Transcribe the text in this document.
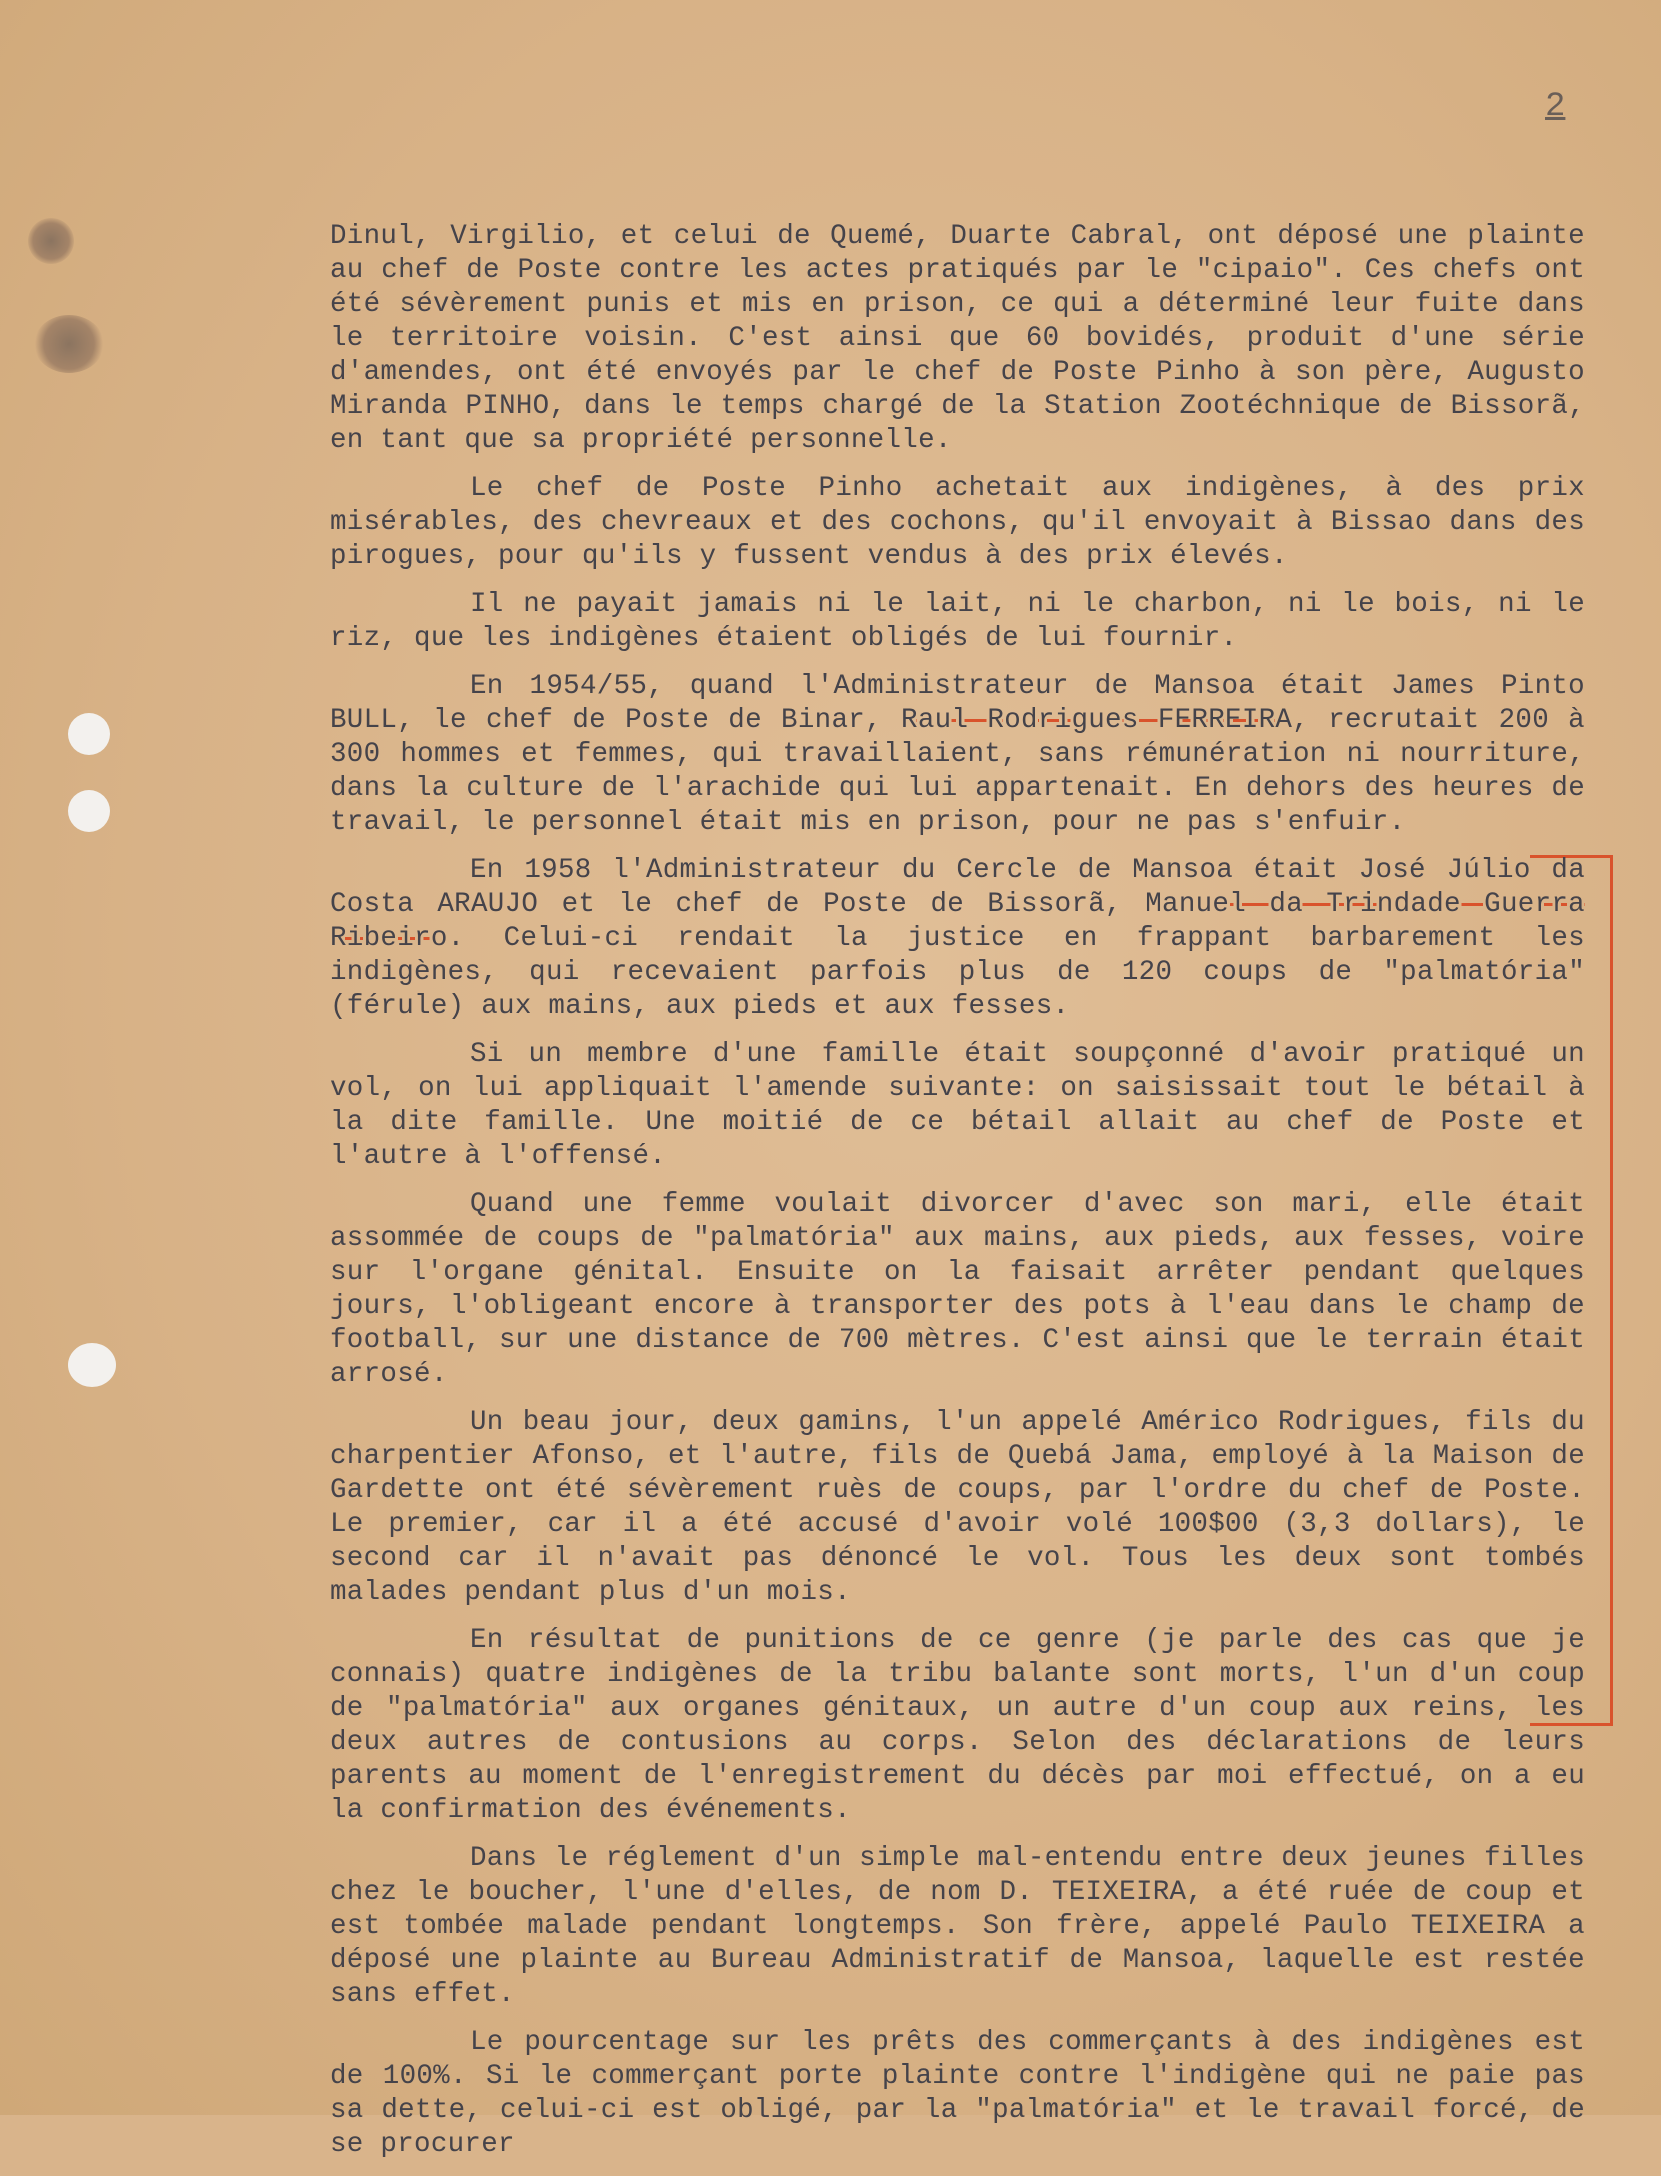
2

Dinul, Virgilio, et celui de Quemé, Duarte Cabral, ont déposé une plainte au chef de Poste contre les actes pratiqués par le "cipaio". Ces chefs ont été sévèrement punis et mis en prison, ce qui a déterminé leur fuite dans le territoire voisin. C'est ainsi que 60 bovidés, produit d'une série d'amendes, ont été envoyés par le chef de Poste Pinho à son père, Augusto Miranda PINHO, dans le temps chargé de la Station Zootéchnique de Bissorã, en tant que sa propriété personnelle.

Le chef de Poste Pinho achetait aux indigènes, à des prix misérables, des chevreaux et des cochons, qu'il envoyait à Bissao dans des pirogues, pour qu'ils y fussent vendus à des prix élevés.

Il ne payait jamais ni le lait, ni le charbon, ni le bois, ni le riz, que les indigènes étaient obligés de lui fournir.

En 1954/55, quand l'Administrateur de Mansoa était James Pinto BULL, le chef de Poste de Binar, Raul Rodrigues FERREIRA, recrutait 200 à 300 hommes et femmes, qui travaillaient, sans rémunération ni nourriture, dans la culture de l'arachide qui lui appartenait. En dehors des heures de travail, le personnel était mis en prison, pour ne pas s'enfuir.

En 1958 l'Administrateur du Cercle de Mansoa était José Júlio da Costa ARAUJO et le chef de Poste de Bissorã, Manuel da Trindade Guerra Ribeiro. Celui-ci rendait la justice en frappant barbarement les indigènes, qui recevaient parfois plus de 120 coups de "palmatória" (férule) aux mains, aux pieds et aux fesses.

Si un membre d'une famille était soupçonné d'avoir pratiqué un vol, on lui appliquait l'amende suivante: on saisissait tout le bétail à la dite famille. Une moitié de ce bétail allait au chef de Poste et l'autre à l'offensé.

Quand une femme voulait divorcer d'avec son mari, elle était assommée de coups de "palmatória" aux mains, aux pieds, aux fesses, voire sur l'organe génital. Ensuite on la faisait arrêter pendant quelques jours, l'obligeant encore à transporter des pots à l'eau dans le champ de football, sur une distance de 700 mètres. C'est ainsi que le terrain était arrosé.

Un beau jour, deux gamins, l'un appelé Américo Rodrigues, fils du charpentier Afonso, et l'autre, fils de Quebá Jama, employé à la Maison de Gardette ont été sévèrement ruès de coups, par l'ordre du chef de Poste. Le premier, car il a été accusé d'avoir volé 100$00 (3,3 dollars), le second car il n'avait pas dénoncé le vol. Tous les deux sont tombés malades pendant plus d'un mois.

En résultat de punitions de ce genre (je parle des cas que je connais) quatre indigènes de la tribu balante sont morts, l'un d'un coup de "palmatória" aux organes génitaux, un autre d'un coup aux reins, les deux autres de contusions au corps. Selon des déclarations de leurs parents au moment de l'enregistrement du décès par moi effectué, on a eu la confirmation des événements.

Dans le réglement d'un simple mal-entendu entre deux jeunes filles chez le boucher, l'une d'elles, de nom D. TEIXEIRA, a été ruée de coup et est tombée malade pendant longtemps. Son frère, appelé Paulo TEIXEIRA a déposé une plainte au Bureau Administratif de Mansoa, laquelle est restée sans effet.

Le pourcentage sur les prêts des commerçants à des indigènes est de 100%. Si le commerçant porte plainte contre l'indigène qui ne paie pas sa dette, celui-ci est obligé, par la "palmatória" et le travail forcé, de se procurer
